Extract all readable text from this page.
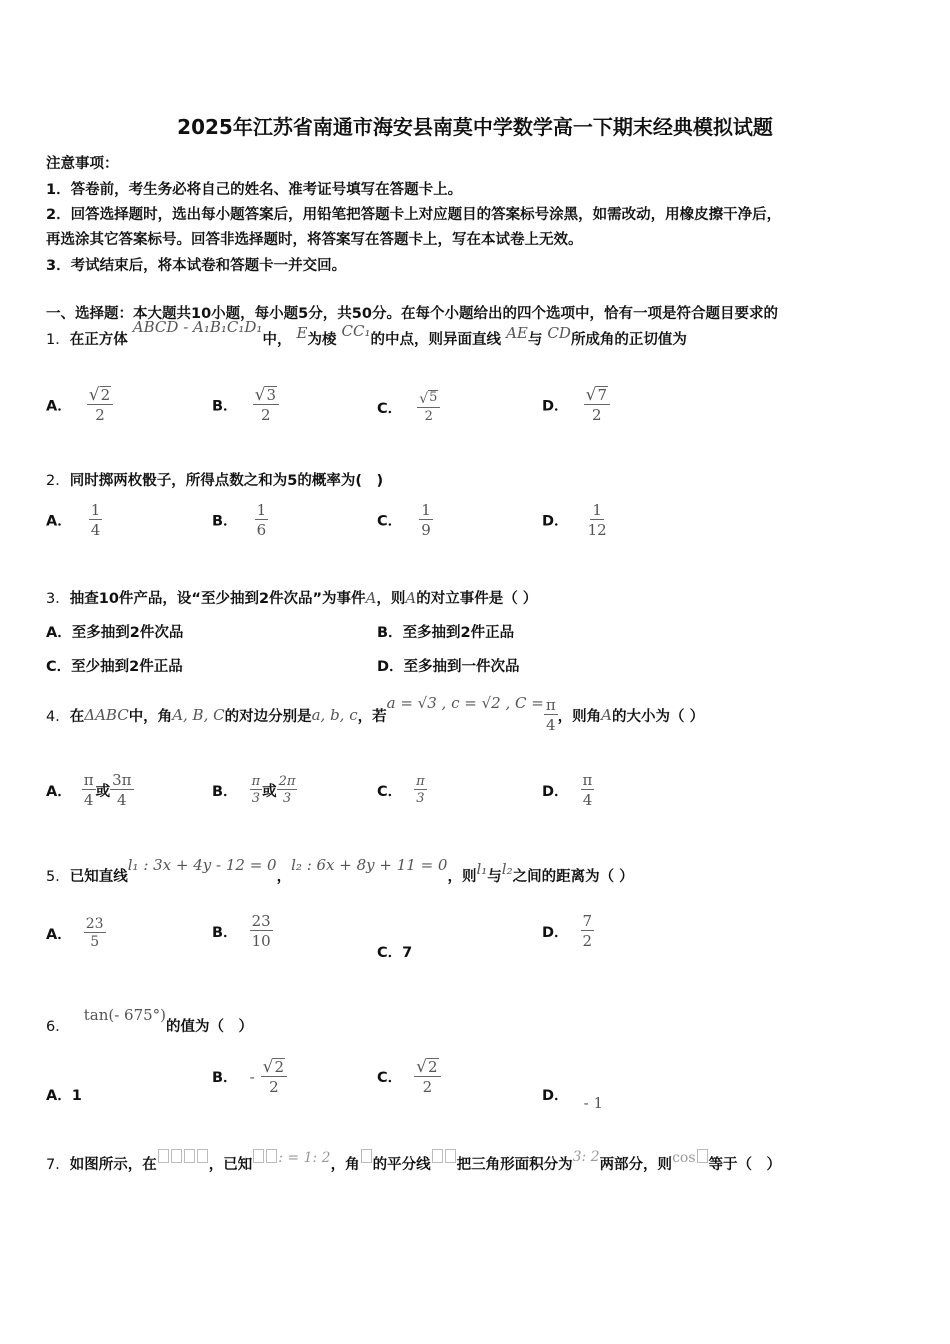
2025年江苏省南通市海安县南莫中学数学高一下期末经典模拟试题
注意事项：
1．答卷前，考生务必将自己的姓名、准考证号填写在答题卡上。
2．回答选择题时，选出每小题答案后，用铅笔把答题卡上对应题目的答案标号涂黑，如需改动，用橡皮擦干净后，
再选涂其它答案标号。回答非选择题时，将答案写在答题卡上，写在本试卷上无效。
3．考试结束后，将本试卷和答题卡一并交回。
一、选择题：本大题共10小题，每小题5分，共50分。在每个小题给出的四个选项中，恰有一项是符合题目要求的
1．在正方体 ABCD - A₁B₁C₁D₁中， E为棱 CC₁的中点，则异面直线 AE与 CD所成角的正切值为
A． $\frac{√ 2}{2}$	B． $\frac{√ 3}{2}$	C． $\frac{√ 5}{2}$	D． $\frac{√ 7}{2}$
2．同时掷两枚骰子，所得点数之和为5的概率为(　)
A． $\frac{1}{4}$	B． $\frac{1}{6}$	C． $\frac{1}{9}$	D． $\frac{1}{12}$
3．抽查10件产品，设“至少抽到2件次品”为事件A，则A的对立事件是（ ）
A．至多抽到2件次品	B．至多抽到2件正品
C．至少抽到2件正品	D．至多抽到一件次品
4． 在 ΔABC 中，角 A, B, C 的对边分别是 a, b, c ，若
a = √3 , c = √2 , $C = \frac{\pi}{4}$ ，则角 A 的大小为（ ）
A． $\frac{\pi}{4}$ 或 $\frac{3\pi}{4}$	B． $\frac{\pi}{3}$ 或 $\frac{2\pi}{3}$	C． $\frac{\pi}{3}$	D． $\frac{\pi}{4}$
5． 已知直线
l₁ : 3x + 4y - 12 = 0
，
l₂ : 6x + 8y + 11 = 0
，则 l₁ 与 l₂ 之间的距离为（ ）
A． $\frac{23}{5}$	B． $\frac{23}{10}$
C．7
D． $\frac{7}{2}$
6．
tan(- 675°)
的值为（　）
A．1
B． - $\frac{√ 2}{2}$	C． $\frac{√ 2}{2}$
D． - 1
7． 如图所示，在	，已知	: = 1: 2 ，角 的平分线 把三角形面积分为 3: 2 两部分，则 cos 等于（　）
